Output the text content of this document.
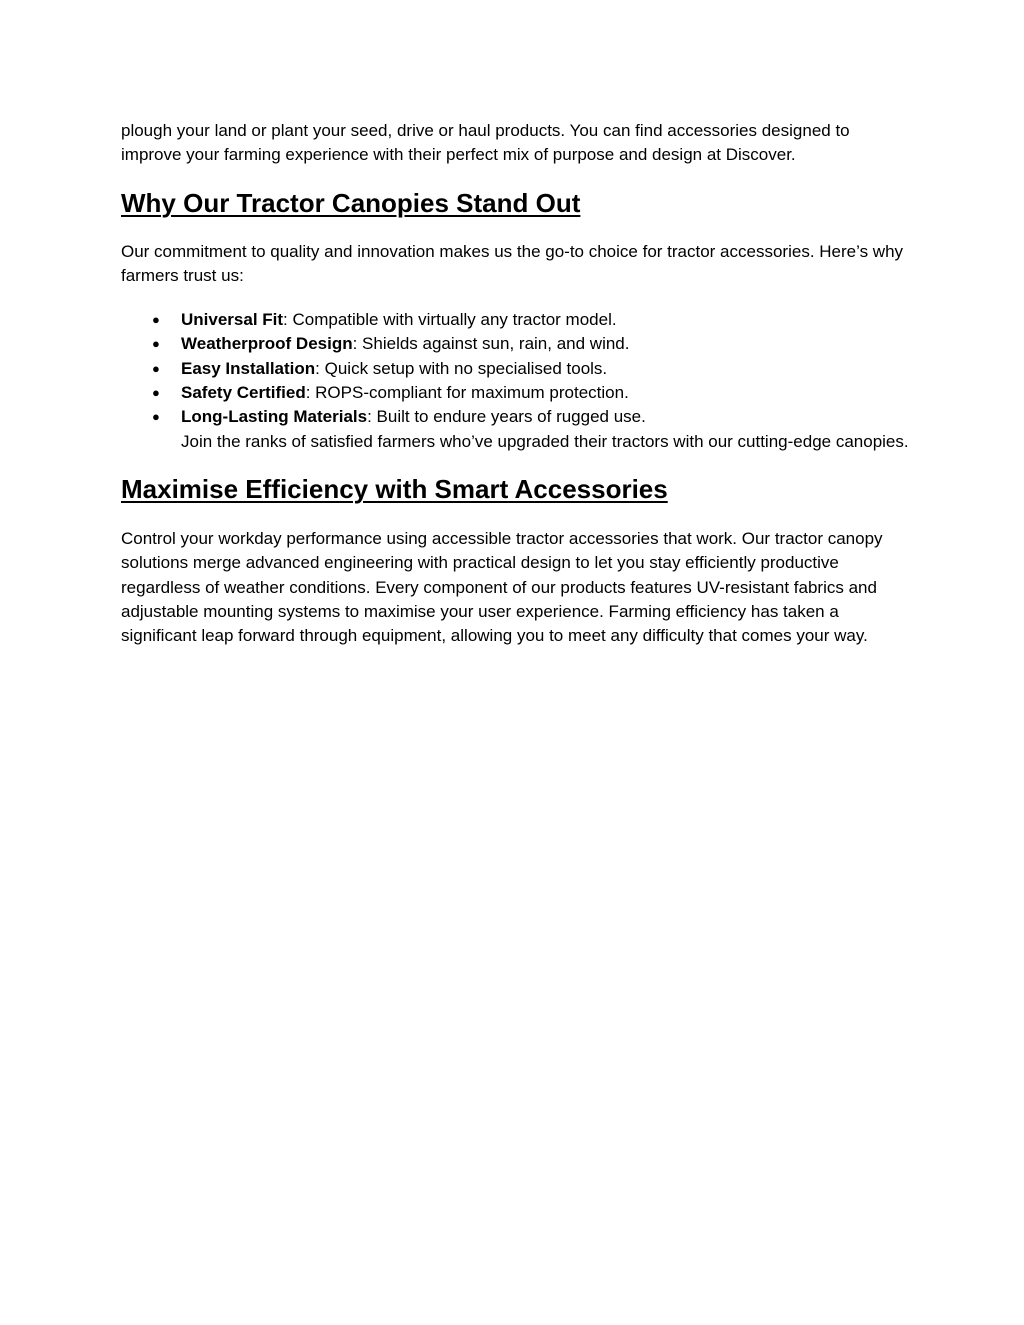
plough your land or plant your seed, drive or haul products. You can find accessories designed to improve your farming experience with their perfect mix of purpose and design at Discover.

Why Our Tractor Canopies Stand Out

Our commitment to quality and innovation makes us the go-to choice for tractor accessories. Here’s why farmers trust us:

● Universal Fit: Compatible with virtually any tractor model.
● Weatherproof Design: Shields against sun, rain, and wind.
● Easy Installation: Quick setup with no specialised tools.
● Safety Certified: ROPS-compliant for maximum protection.
● Long-Lasting Materials: Built to endure years of rugged use.
Join the ranks of satisfied farmers who’ve upgraded their tractors with our cutting-edge canopies.
Maximise Efficiency with Smart Accessories

Control your workday performance using accessible tractor accessories that work. Our tractor canopy solutions merge advanced engineering with practical design to let you stay efficiently productive regardless of weather conditions. Every component of our products features UV-resistant fabrics and adjustable mounting systems to maximise your user experience. Farming efficiency has taken a significant leap forward through equipment, allowing you to meet any difficulty that comes your way.
